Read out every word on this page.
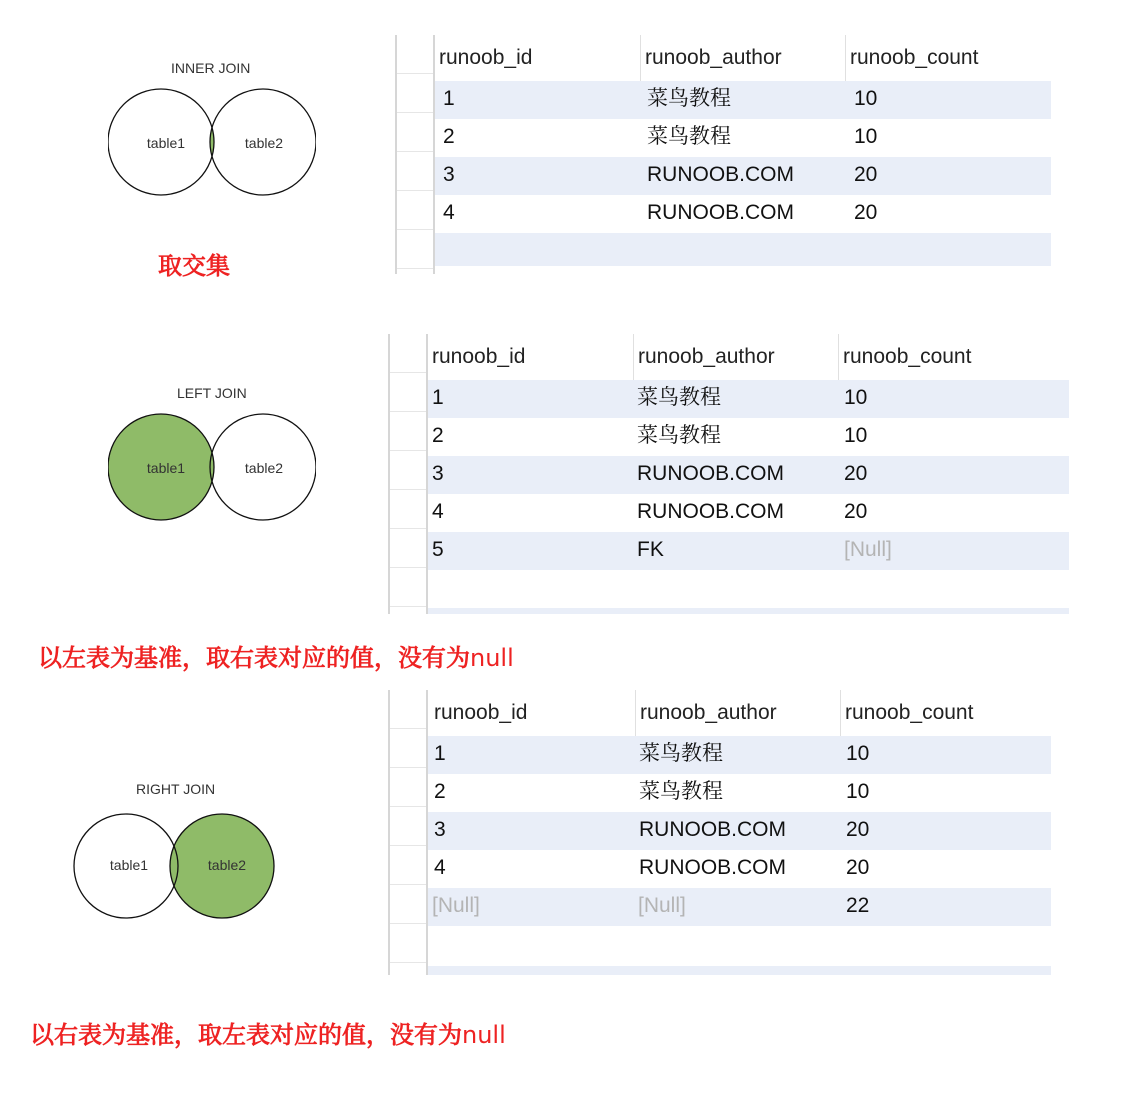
INNER JOIN
table1	table2
取交集
runoob_id	runoob_author	runoob_count
1	菜鸟教程	10
2	菜鸟教程	10
3	RUNOOB.COM	20
4	RUNOOB.COM	20
LEFT JOIN
table1	table2
以左表为基准，取右表对应的值，没有为null
runoob_id	runoob_author	runoob_count
1	菜鸟教程	10
2	菜鸟教程	10
3	RUNOOB.COM	20
4	RUNOOB.COM	20
5	FK	[Null]
RIGHT JOIN
table1	table2
以右表为基准，取左表对应的值，没有为null
runoob_id	runoob_author	runoob_count
1	菜鸟教程	10
2	菜鸟教程	10
3	RUNOOB.COM	20
4	RUNOOB.COM	20
[Null]	[Null]	22
